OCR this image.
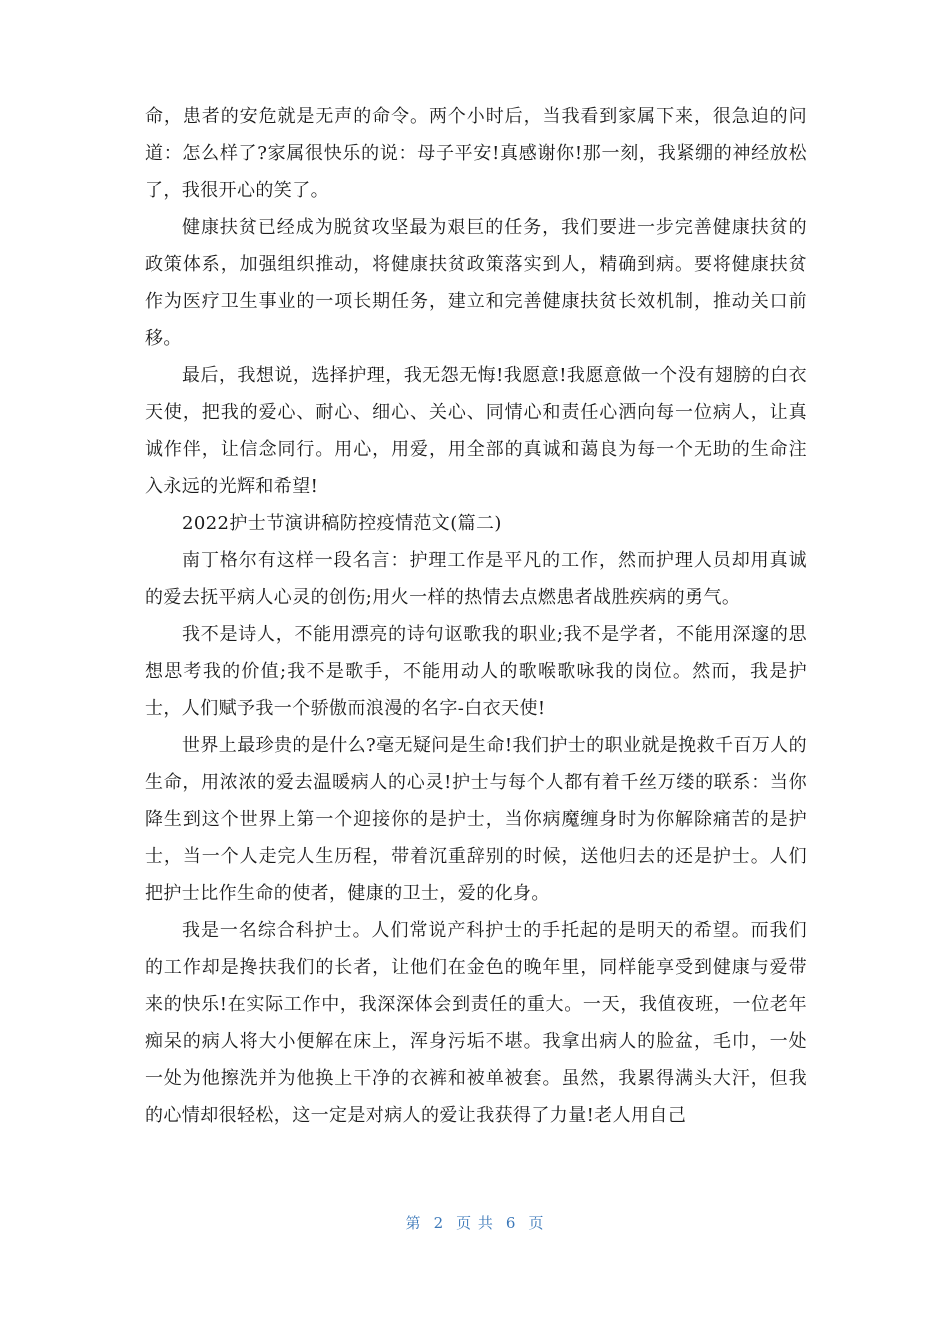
命，患者的安危就是无声的命令。两个小时后，当我看到家属下来，很急迫的问道：怎么样了?家属很快乐的说：母子平安!真感谢你!那一刻，我紧绷的神经放松了，我很开心的笑了。

健康扶贫已经成为脱贫攻坚最为艰巨的任务，我们要进一步完善健康扶贫的政策体系，加强组织推动，将健康扶贫政策落实到人，精确到病。要将健康扶贫作为医疗卫生事业的一项长期任务，建立和完善健康扶贫长效机制，推动关口前移。

最后，我想说，选择护理，我无怨无悔!我愿意!我愿意做一个没有翅膀的白衣天使，把我的爱心、耐心、细心、关心、同情心和责任心洒向每一位病人，让真诚作伴，让信念同行。用心，用爱，用全部的真诚和蔼良为每一个无助的生命注入永远的光辉和希望!

2022护士节演讲稿防控疫情范文(篇二)

南丁格尔有这样一段名言：护理工作是平凡的工作，然而护理人员却用真诚的爱去抚平病人心灵的创伤;用火一样的热情去点燃患者战胜疾病的勇气。

我不是诗人，不能用漂亮的诗句讴歌我的职业;我不是学者，不能用深邃的思想思考我的价值;我不是歌手，不能用动人的歌喉歌咏我的岗位。然而，我是护士，人们赋予我一个骄傲而浪漫的名字-白衣天使!

世界上最珍贵的是什么?毫无疑问是生命!我们护士的职业就是挽救千百万人的生命，用浓浓的爱去温暖病人的心灵!护士与每个人都有着千丝万缕的联系：当你降生到这个世界上第一个迎接你的是护士，当你病魔缠身时为你解除痛苦的是护士，当一个人走完人生历程，带着沉重辞别的时候，送他归去的还是护士。人们把护士比作生命的使者，健康的卫士，爱的化身。

我是一名综合科护士。人们常说产科护士的手托起的是明天的希望。而我们的工作却是搀扶我们的长者，让他们在金色的晚年里，同样能享受到健康与爱带来的快乐!在实际工作中，我深深体会到责任的重大。一天，我值夜班，一位老年痴呆的病人将大小便解在床上，浑身污垢不堪。我拿出病人的脸盆，毛巾，一处一处为他擦洗并为他换上干净的衣裤和被单被套。虽然，我累得满头大汗，但我的心情却很轻松，这一定是对病人的爱让我获得了力量!老人用自己

第 2 页 共 6 页
